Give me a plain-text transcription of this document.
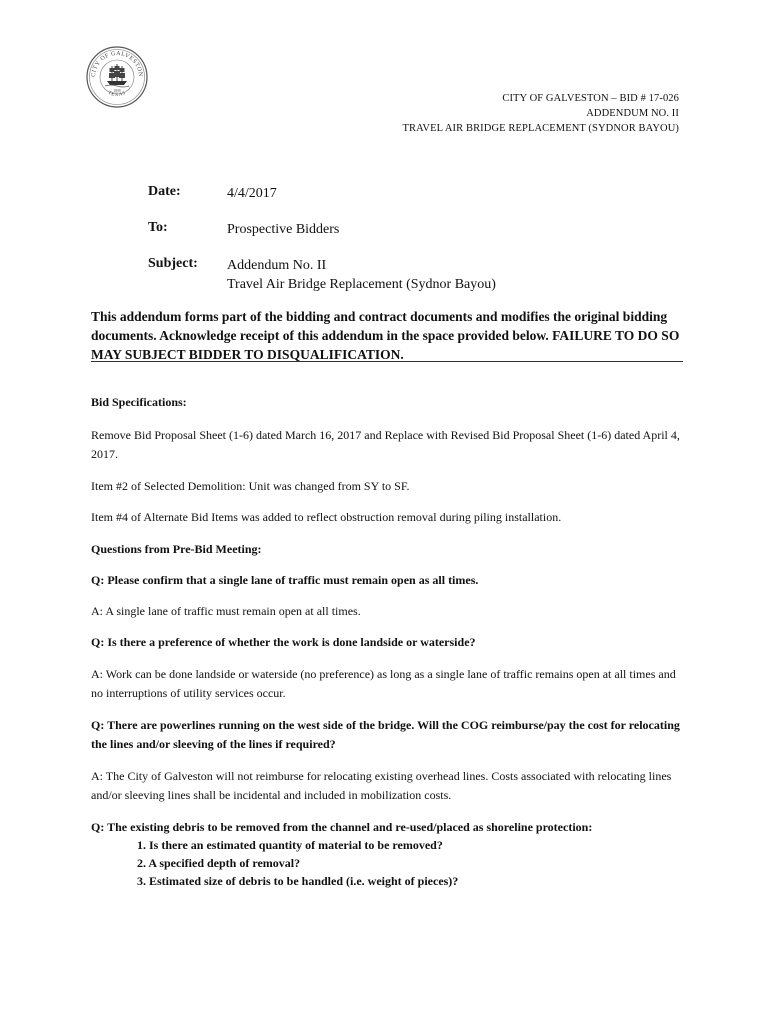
CITY OF GALVESTON
TEXAS
1839
CITY OF GALVESTON – BID # 17-026
ADDENDUM NO. II
TRAVEL AIR BRIDGE REPLACEMENT (SYDNOR BAYOU)
Date:	4/4/2017
To:	Prospective Bidders
Subject: Addendum No. II
Travel Air Bridge Replacement (Sydnor Bayou)
This addendum forms part of the bidding and contract documents and modifies the original bidding documents. Acknowledge receipt of this addendum in the space provided below. FAILURE TO DO SO MAY SUBJECT BIDDER TO DISQUALIFICATION.
Bid Specifications:
Remove Bid Proposal Sheet (1-6) dated March 16, 2017 and Replace with Revised Bid Proposal Sheet (1-6) dated April 4, 2017.
Item #2 of Selected Demolition: Unit was changed from SY to SF.
Item #4 of Alternate Bid Items was added to reflect obstruction removal during piling installation.
Questions from Pre-Bid Meeting:
Q: Please confirm that a single lane of traffic must remain open as all times.
A: A single lane of traffic must remain open at all times.
Q: Is there a preference of whether the work is done landside or waterside?
A: Work can be done landside or waterside (no preference) as long as a single lane of traffic remains open at all times and no interruptions of utility services occur.
Q: There are powerlines running on the west side of the bridge. Will the COG reimburse/pay the cost for relocating the lines and/or sleeving of the lines if required?
A: The City of Galveston will not reimburse for relocating existing overhead lines. Costs associated with relocating lines and/or sleeving lines shall be incidental and included in mobilization costs.
Q: The existing debris to be removed from the channel and re-used/placed as shoreline protection:
1. Is there an estimated quantity of material to be removed?
2. A specified depth of removal?
3. Estimated size of debris to be handled (i.e. weight of pieces)?
